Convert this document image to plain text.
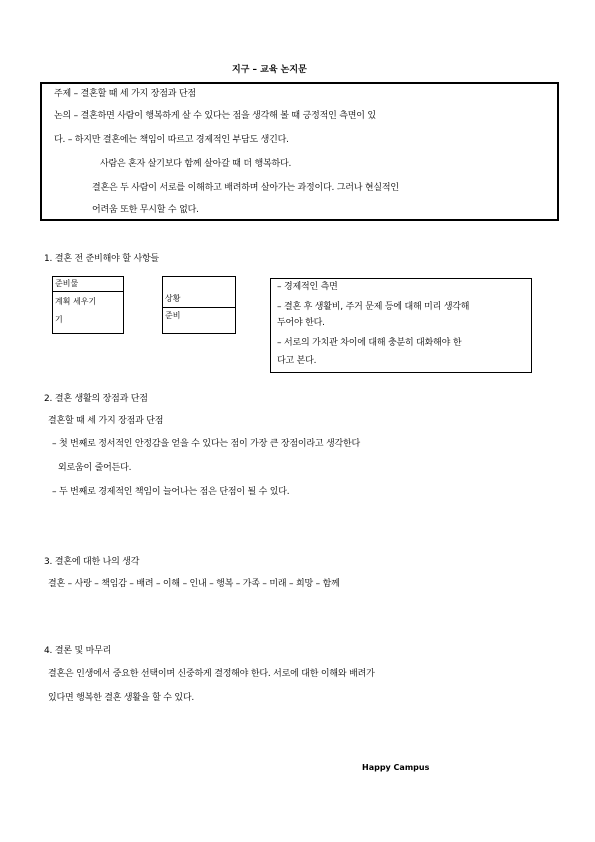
지구 – 교육 논지문
주제 – 결혼할 때 세 가지 장점과 단점
논의 – 결혼하면 사람이 행복하게 살 수 있다는 점을 생각해 볼 때 긍정적인 측면이 있
다. – 하지만 결혼에는 책임이 따르고 경제적인 부담도 생긴다.
사람은 혼자 살기보다 함께 살아갈 때 더 행복하다.
결혼은 두 사람이 서로를 이해하고 배려하며 살아가는 과정이다. 그러나 현실적인
어려움 또한 무시할 수 없다.
1. 결혼 전 준비해야 할 사항들
준비물
계획 세우기
기
상황
준비
– 경제적인 측면
– 결혼 후 생활비, 주거 문제 등에 대해 미리 생각해
두어야 한다.
– 서로의 가치관 차이에 대해 충분히 대화해야 한
다고 본다.
2. 결혼 생활의 장점과 단점
결혼할 때 세 가지 장점과 단점
– 첫 번째로 정서적인 안정감을 얻을 수 있다는 점이 가장 큰 장점이라고 생각한다
외로움이 줄어든다.
– 두 번째로 경제적인 책임이 늘어나는 점은 단점이 될 수 있다.
3. 결혼에 대한 나의 생각
결혼 – 사랑 – 책임감 – 배려 – 이해 – 인내 – 행복 – 가족 – 미래 – 희망 – 함께
4. 결론 및 마무리
결혼은 인생에서 중요한 선택이며 신중하게 결정해야 한다. 서로에 대한 이해와 배려가
있다면 행복한 결혼 생활을 할 수 있다.
Happy Campus
